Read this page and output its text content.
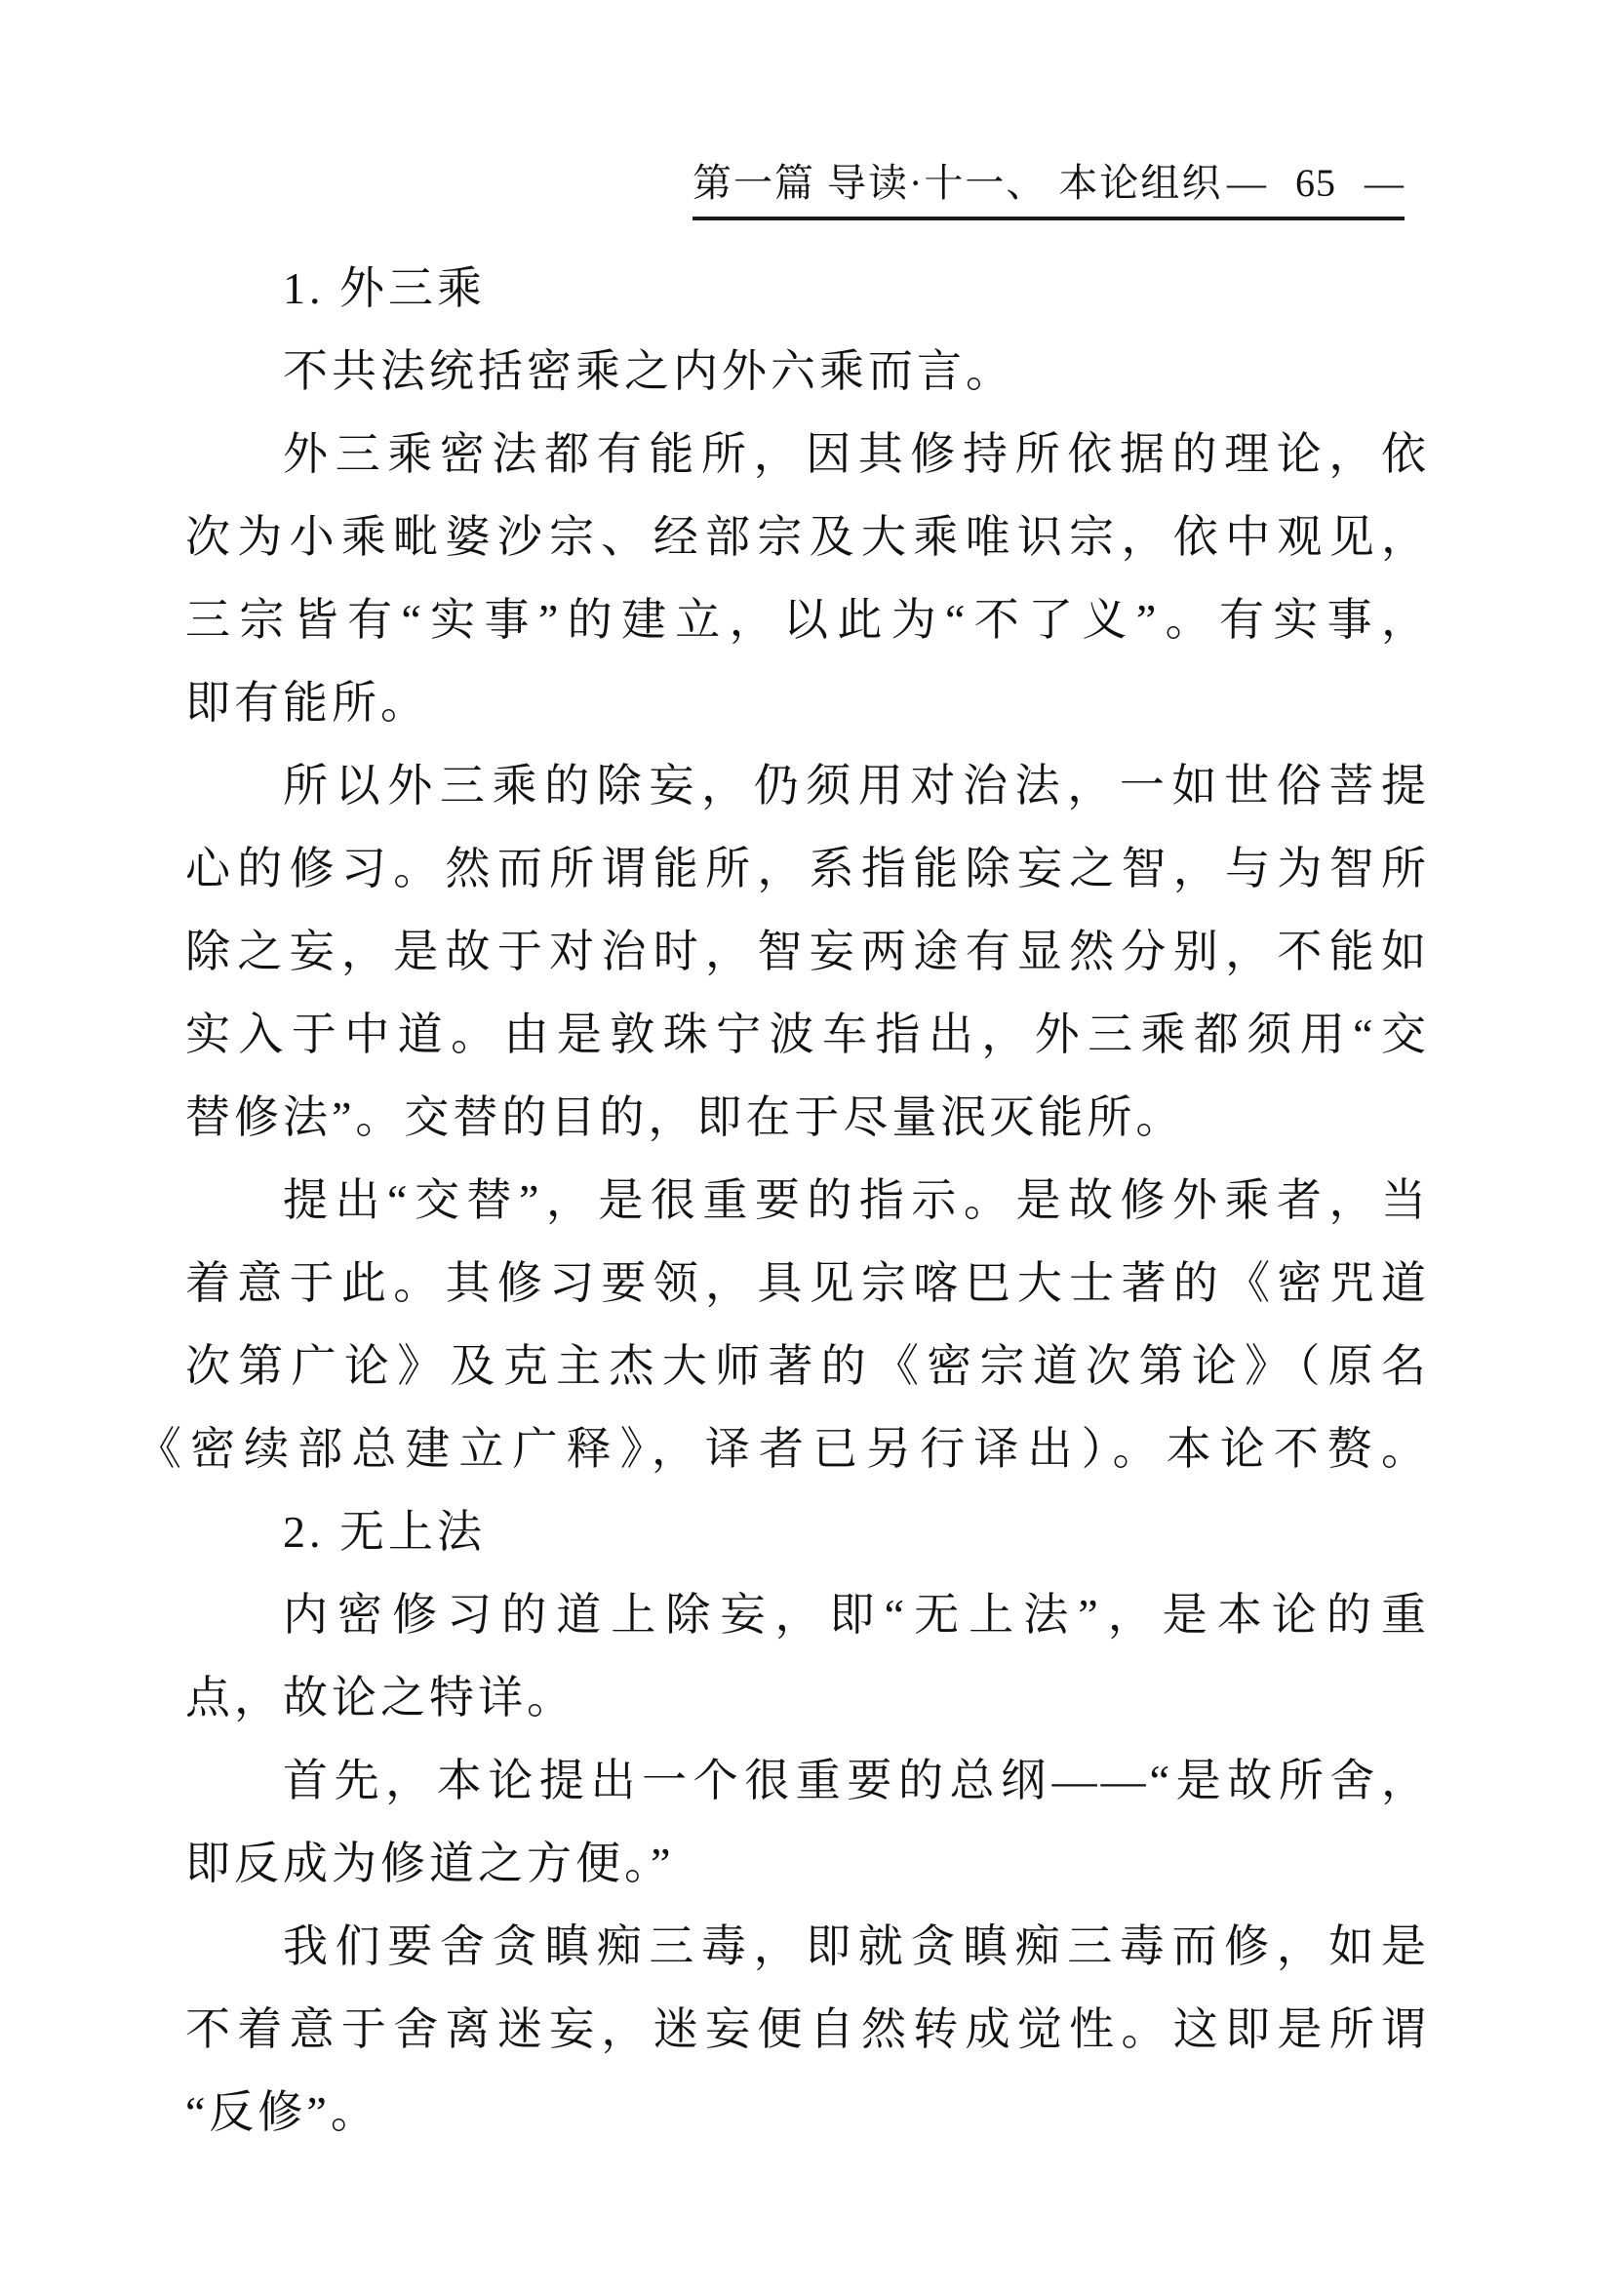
第一篇 导读·十一、 本论组织 — 65 —

1. 外三乘

不共法统括密乘之内外六乘而言。

外三乘密法都有能所，因其修持所依据的理论，依

次为小乘毗婆沙宗、经部宗及大乘唯识宗，依中观见，

三宗皆有“实事”的建立，以此为“不了义”。有实事，

即有能所。

所以外三乘的除妄，仍须用对治法，一如世俗菩提

心的修习。然而所谓能所，系指能除妄之智，与为智所

除之妄，是故于对治时，智妄两途有显然分别，不能如

实入于中道。由是敦珠宁波车指出，外三乘都须用“交

替修法”。交替的目的，即在于尽量泯灭能所。

提出“交替”，是很重要的指示。是故修外乘者，当

着意于此。其修习要领，具见宗喀巴大士著的《密咒道

次第广论》及克主杰大师著的《密宗道次第论》（原名

《密续部总建立广释》，译者已另行译出）。本论不赘。

2. 无上法

内密修习的道上除妄，即“无上法”，是本论的重

点，故论之特详。

首先，本论提出一个很重要的总纲——“是故所舍，

即反成为修道之方便。”

我们要舍贪瞋痴三毒，即就贪瞋痴三毒而修，如是

不着意于舍离迷妄，迷妄便自然转成觉性。这即是所谓

“反修”。
